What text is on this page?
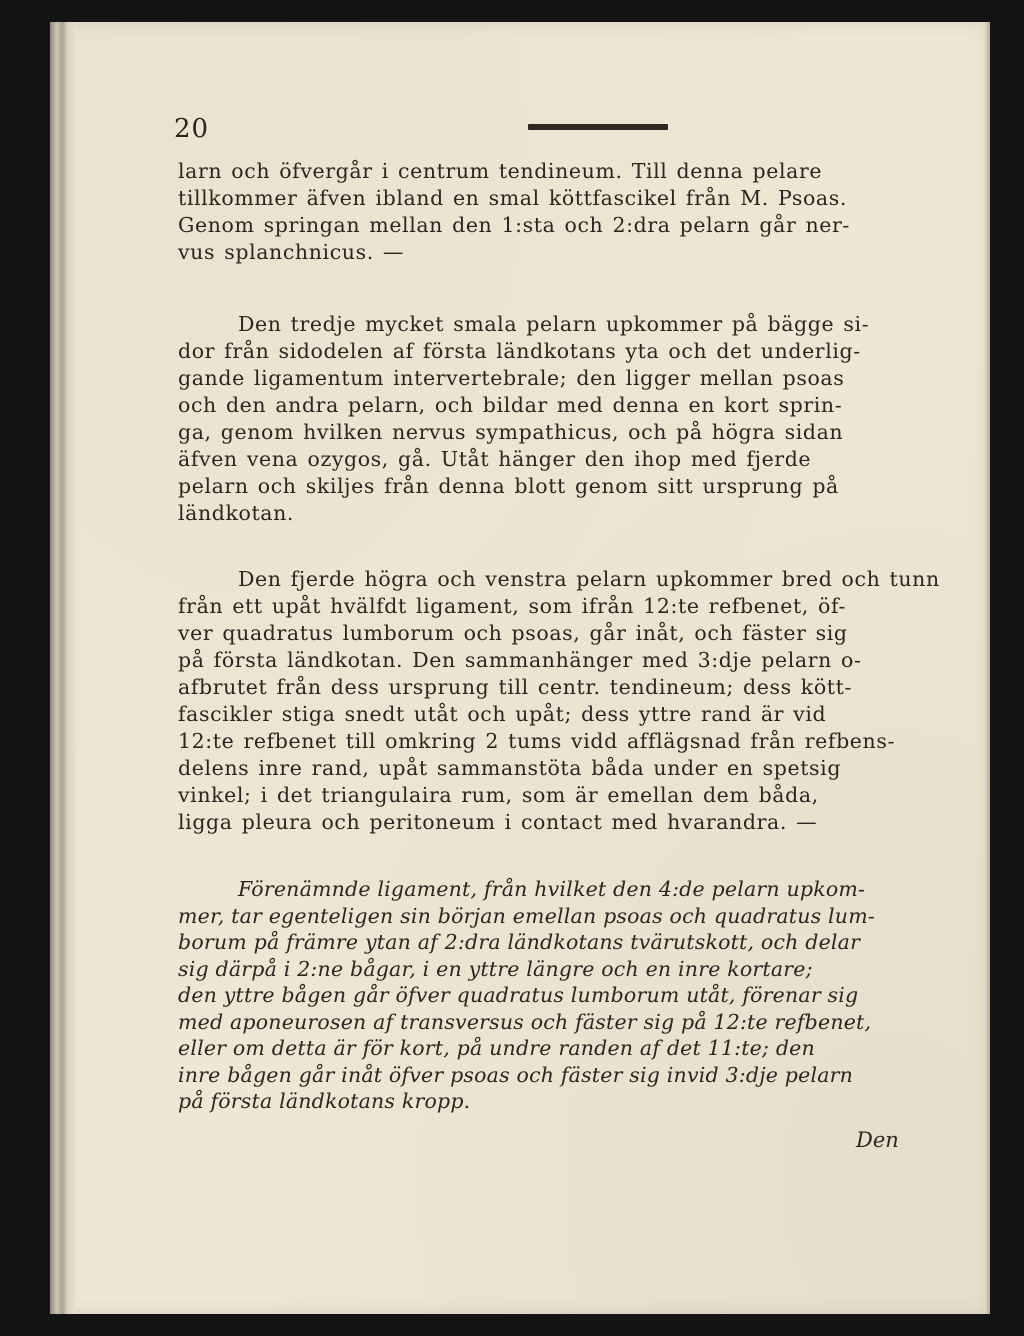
20

larn och öfvergår i centrum tendineum. Till denna pelare
tillkommer äfven ibland en smal köttfascikel från M. Psoas.
Genom springan mellan den 1:sta och 2:dra pelarn går ner-
vus splanchnicus. —

Den tredje mycket smala pelarn upkommer på bägge si-
dor från sidodelen af första ländkotans yta och det underlig-
gande ligamentum intervertebrale; den ligger mellan psoas
och den andra pelarn, och bildar med denna en kort sprin-
ga, genom hvilken nervus sympathicus, och på högra sidan
äfven vena ozygos, gå. Utåt hänger den ihop med fjerde
pelarn och skiljes från denna blott genom sitt ursprung på
ländkotan.

Den fjerde högra och venstra pelarn upkommer bred och tunn
från ett upåt hvälfdt ligament, som ifrån 12:te refbenet, öf-
ver quadratus lumborum och psoas, går inåt, och fäster sig
på första ländkotan. Den sammanhänger med 3:dje pelarn o-
afbrutet från dess ursprung till centr. tendineum; dess kött-
fascikler stiga snedt utåt och upåt; dess yttre rand är vid
12:te refbenet till omkring 2 tums vidd afflägsnad från refbens-
delens inre rand, upåt sammanstöta båda under en spetsig
vinkel; i det triangulaira rum, som är emellan dem båda,
ligga pleura och peritoneum i contact med hvarandra. —

Förenämnde ligament, från hvilket den 4:de pelarn upkom-
mer, tar egenteligen sin början emellan psoas och quadratus lum-
borum på främre ytan af 2:dra ländkotans tvärutskott, och delar
sig därpå i 2:ne bågar, i en yttre längre och en inre kortare;
den yttre bågen går öfver quadratus lumborum utåt, förenar sig
med aponeurosen af transversus och fäster sig på 12:te refbenet,
eller om detta är för kort, på undre randen af det 11:te; den
inre bågen går inåt öfver psoas och fäster sig invid 3:dje pelarn
på första ländkotans kropp.

Den
